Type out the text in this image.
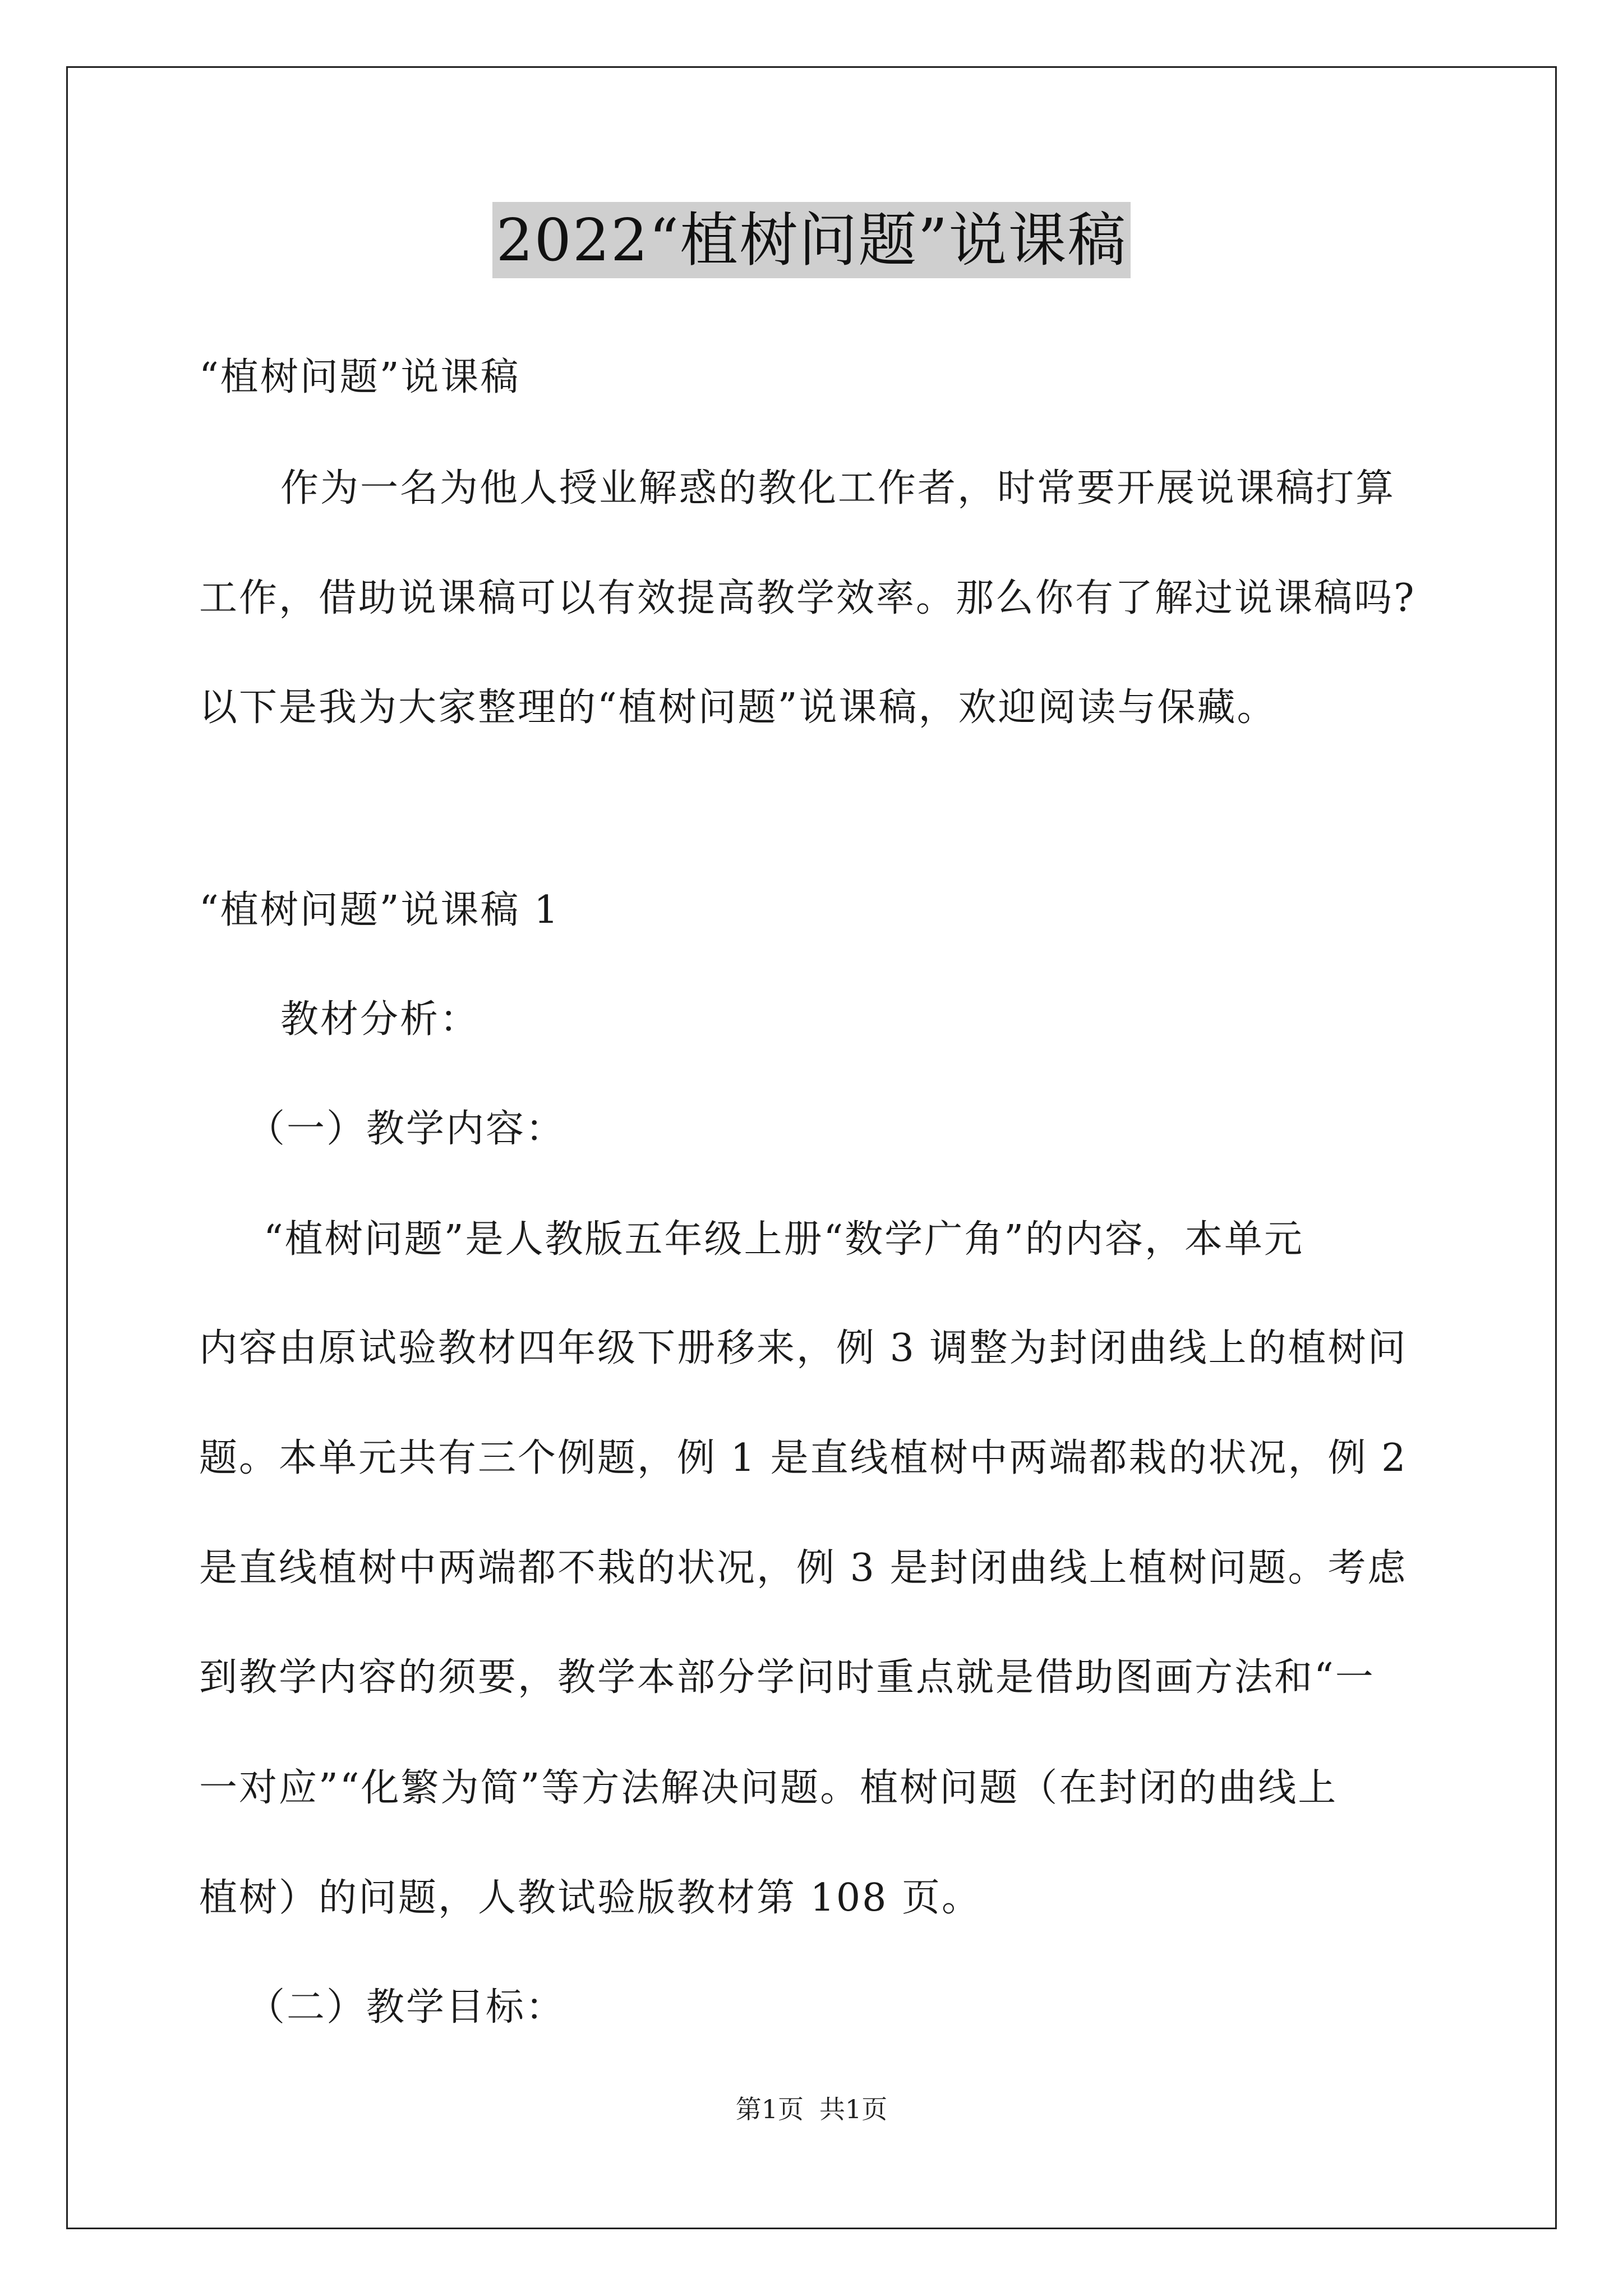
2022“植树问题”说课稿
“植树问题”说课稿
作为一名为他人授业解惑的教化工作者，时常要开展说课稿打算
工作，借助说课稿可以有效提高教学效率。那么你有了解过说课稿吗?
以下是我为大家整理的“植树问题”说课稿，欢迎阅读与保藏。
“植树问题”说课稿 1
教材分析：
（一）教学内容：
“植树问题”是人教版五年级上册“数学广角”的内容，本单元
内容由原试验教材四年级下册移来，例 3 调整为封闭曲线上的植树问
题。本单元共有三个例题，例 1 是直线植树中两端都栽的状况，例 2
是直线植树中两端都不栽的状况，例 3 是封闭曲线上植树问题。考虑
到教学内容的须要，教学本部分学问时重点就是借助图画方法和“一
一对应”“化繁为简”等方法解决问题。植树问题（在封闭的曲线上
植树）的问题，人教试验版教材第 108 页。
（二）教学目标：
第1页 共1页
